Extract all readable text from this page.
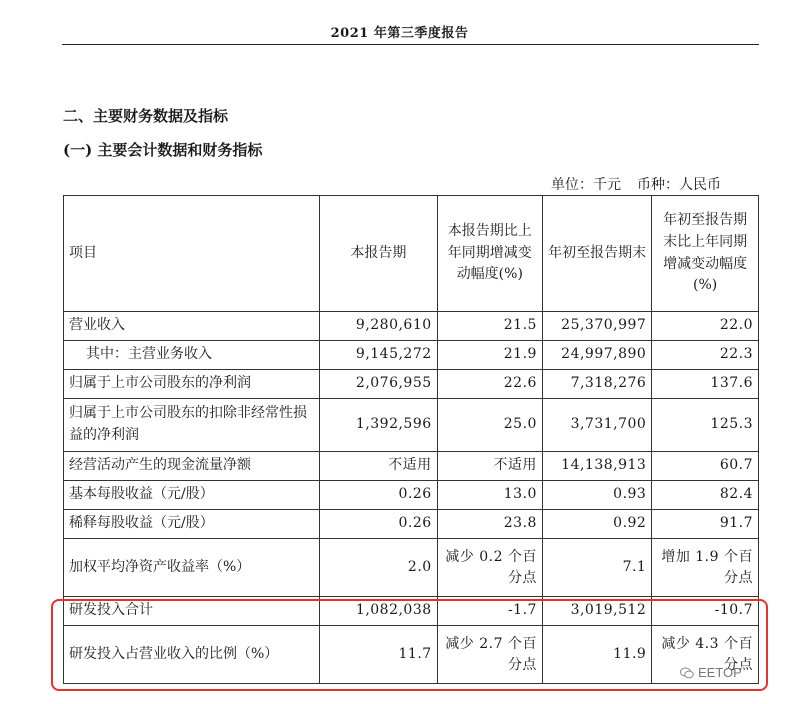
2021 年第三季度报告
二、主要财务数据及指标
(一) 主要会计数据和财务指标
单位：千元 币种：人民币
项目	本报告期	本报告期比上年同期增减变动幅度(%)	年初至报告期末	年初至报告期末比上年同期增减变动幅度(%)
营业收入	9,280,610	21.5	25,370,997	22.0
其中：主营业务收入	9,145,272	21.9	24,997,890	22.3
归属于上市公司股东的净利润	2,076,955	22.6	7,318,276	137.6
归属于上市公司股东的扣除非经常性损益的净利润	1,392,596	25.0	3,731,700	125.3
经营活动产生的现金流量净额	不适用	不适用	14,138,913	60.7
基本每股收益（元/股）	0.26	13.0	0.93	82.4
稀释每股收益（元/股）	0.26	23.8	0.92	91.7
加权平均净资产收益率（%）	2.0	减少 0.2 个百分点	7.1	增加 1.9 个百分点
研发投入合计	1,082,038	-1.7	3,019,512	-10.7
研发投入占营业收入的比例（%）	11.7	减少 2.7 个百分点	11.9	减少 4.3 个百分点
EETOP
